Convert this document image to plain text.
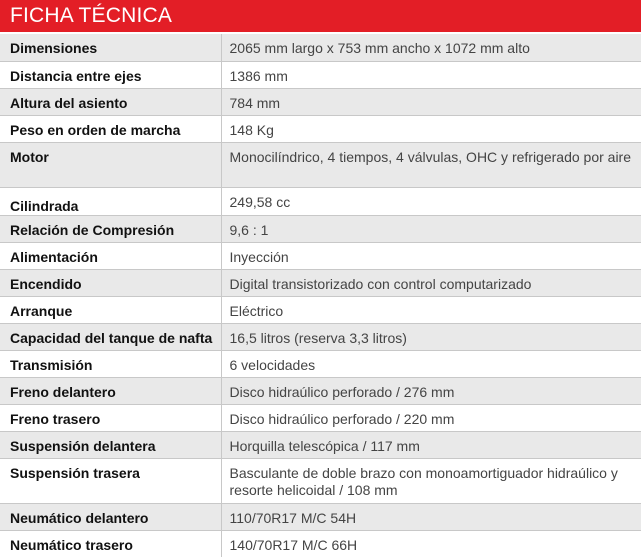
FICHA TÉCNICA
Dimensiones	2065 mm largo x 753 mm ancho x 1072 mm alto
Distancia entre ejes	1386 mm
Altura del asiento	784 mm
Peso en orden de marcha	148 Kg
Motor	Monocilíndrico, 4 tiempos, 4 válvulas, OHC y refrigerado por aire
Cilindrada	249,58 cc
Relación de Compresión	9,6 : 1
Alimentación	Inyección
Encendido	Digital transistorizado con control computarizado
Arranque	Eléctrico
Capacidad del tanque de nafta	16,5 litros (reserva 3,3 litros)
Transmisión	6 velocidades
Freno delantero	Disco hidraúlico perforado / 276 mm
Freno trasero	Disco hidraúlico perforado / 220 mm
Suspensión delantera	Horquilla telescópica / 117 mm
Suspensión trasera	Basculante de doble brazo con monoamortiguador hidraúlico y resorte helicoidal / 108 mm
Neumático delantero	110/70R17 M/C 54H
Neumático trasero	140/70R17 M/C 66H
